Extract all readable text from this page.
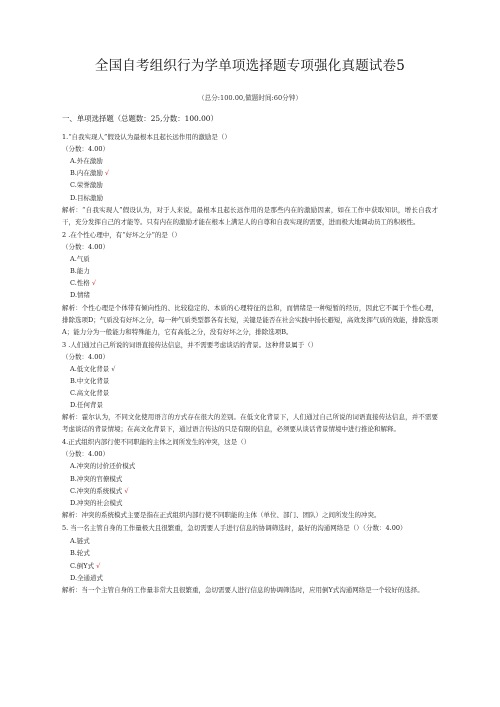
全国自考组织行为学单项选择题专项强化真题试卷5
（总分:100.00,做题时间:60分钟）
一、单项选择题（总题数：25,分数：100.00）
1.“自我实现人”假设认为最根本且起长远作用的激励是（）
（分数：4.00）
A.外在激励
B.内在激励 √
C.荣誉激励
D.目标激励
解析：“自我实现人”假设认为，对于人来说，最根本且起长远作用的是那些内在的激励因素，如在工作中获取知识，增长自我才干，充分发挥自己的才能等。只有内在的激励才能在根本上满足人的自尊和自我实现的需要，进而极大地调动员工的积极性。
2 .在个性心理中，有“好坏之分”的是（）
（分数：4.00）
A.气质
B.能力
C.性格 √
D.情绪
解析：个性心理是个体带有倾向性的、比较稳定的、本质的心理特征的总和，而情绪是一种短暂的经历，因此它不属于个性心理，排除选项D；气质没有好坏之分，每一种气质类型都各有长短，关键是能否在社会实践中扬长避短，高效发挥气质的效能，排除选项A；能力分为一般能力和特殊能力，它有高低之分，没有好坏之分，排除选项B。
3 .人们通过自己所说的词语直接传达信息，并不需要考虑谈话的背景。这种背景属于（）
（分数：4.00）
A.低文化背景 √
B.中文化背景
C.高文化背景
D.任何背景
解析：霍尔认为，不同文化使用语言的方式存在很大的差别。在低文化背景下，人们通过自己所说的词语直接传达信息，并不需要考虑谈话的背景情境；在高文化背景下，通过语言传达的只是有限的信息，必须要从谈话背景情境中进行推论和解释。
4.正式组织内部行使不同职能的主体之间所发生的冲突，这是（）
（分数：4.00）
A.冲突的讨价还价模式
B.冲突的官僚模式
C.冲突的系统模式 √
D.冲突的社会模式
解析：冲突的系统模式主要是指在正式组织内部行使不同职能的主体（单位、部门、团队）之间所发生的冲突。
5. 当一名主管自身的工作量极大且很繁重，急切需要人手进行信息的协调筛选时，最好的沟通网络是（）（分数：4.00）
A.链式
B.轮式
C.倒Y式 √
D.全通道式
解析：当一个主管自身的工作量非常大且很繁重，急切需要人进行信息的协调筛选时，应用倒Y式沟通网络是一个较好的选择。
